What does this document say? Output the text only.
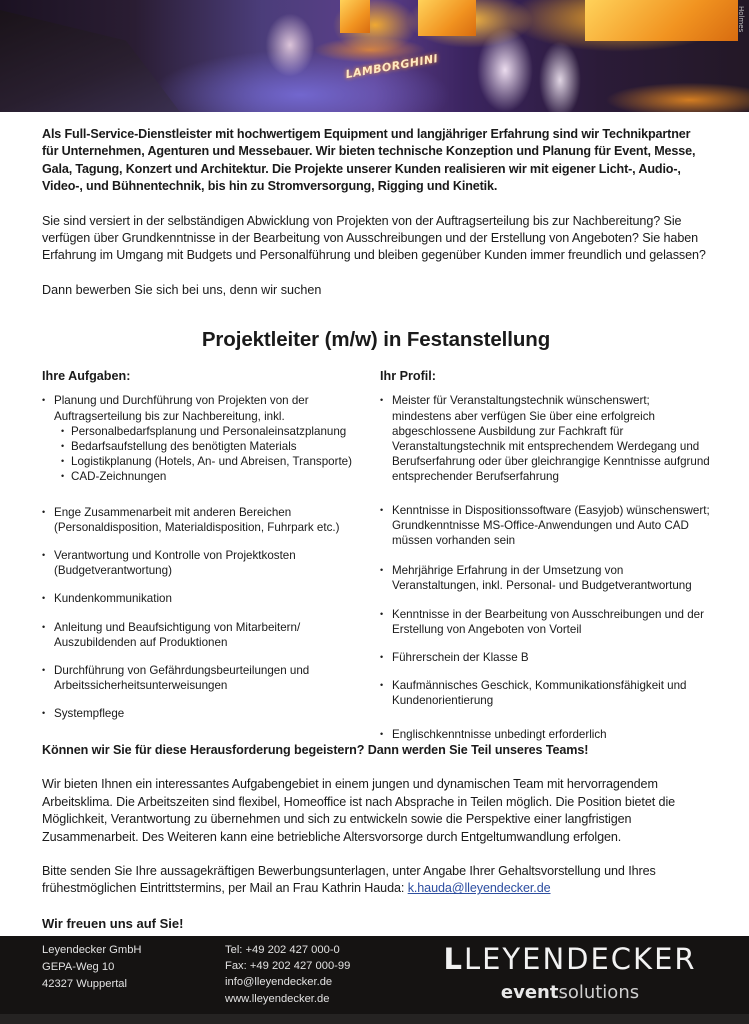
LAMBORGHINI
Holmes

Als Full-Service-Dienstleister mit hochwertigem Equipment und langjähriger Erfahrung sind wir Technikpartner für Unternehmen, Agenturen und Messebauer. Wir bieten technische Konzeption und Planung für Event, Messe, Gala, Tagung, Konzert und Architektur. Die Projekte unserer Kunden realisieren wir mit eigener Licht-, Audio-, Video-, und Bühnentechnik, bis hin zu Stromversorgung, Rigging und Kinetik.

Sie sind versiert in der selbständigen Abwicklung von Projekten von der Auftragserteilung bis zur Nachbereitung? Sie verfügen über Grundkenntnisse in der Bearbeitung von Ausschreibungen und der Erstellung von Angeboten? Sie haben Erfahrung im Umgang mit Budgets und Personalführung und bleiben gegenüber Kunden immer freundlich und gelassen?

Dann bewerben Sie sich bei uns, denn wir suchen

Projektleiter (m/w) in Festanstellung
Ihre Aufgaben:
• Planung und Durchführung von Projekten von der Auftragserteilung bis zur Nachbereitung, inkl.
• Personalbedarfsplanung und Personaleinsatzplanung
• Bedarfsaufstellung des benötigten Materials
• Logistikplanung (Hotels, An- und Abreisen, Transporte)
• CAD-Zeichnungen
• Enge Zusammenarbeit mit anderen Bereichen (Personaldisposition, Materialdisposition, Fuhrpark etc.)
• Verantwortung und Kontrolle von Projektkosten (Budgetverantwortung)
• Kundenkommunikation
• Anleitung und Beaufsichtigung von Mitarbeitern/ Auszubildenden auf Produktionen
• Durchführung von Gefährdungsbeurteilungen und Arbeitssicherheitsunterweisungen
• Systempflege
Ihr Profil:
• Meister für Veranstaltungstechnik wünschenswert; mindestens aber verfügen Sie über eine erfolgreich abgeschlossene Ausbildung zur Fachkraft für Veranstaltungstechnik mit entsprechendem Werdegang und Berufserfahrung oder über gleichrangige Kenntnisse aufgrund entsprechender Berufserfahrung
• Kenntnisse in Dispositionssoftware (Easyjob) wünschenswert; Grundkenntnisse MS-Office-Anwendungen und Auto CAD müssen vorhanden sein
• Mehrjährige Erfahrung in der Umsetzung von Veranstaltungen, inkl. Personal- und Budgetverantwortung
• Kenntnisse in der Bearbeitung von Ausschreibungen und der Erstellung von Angeboten von Vorteil
• Führerschein der Klasse B
• Kaufmännisches Geschick, Kommunikationsfähigkeit und Kundenorientierung
• Englischkenntnisse unbedingt erforderlich

Können wir Sie für diese Herausforderung begeistern? Dann werden Sie Teil unseres Teams!

Wir bieten Ihnen ein interessantes Aufgabengebiet in einem jungen und dynamischen Team mit hervorragendem Arbeitsklima. Die Arbeitszeiten sind flexibel, Homeoffice ist nach Absprache in Teilen möglich. Die Position bietet die Möglichkeit, Verantwortung zu übernehmen und sich zu entwickeln sowie die Perspektive einer langfristigen Zusammenarbeit. Des Weiteren kann eine betriebliche Altersvorsorge durch Entgeltumwandlung erfolgen.

Bitte senden Sie Ihre aussagekräftigen Bewerbungsunterlagen, unter Angabe Ihrer Gehaltsvorstellung und Ihres frühestmöglichen Eintrittstermins, per Mail an Frau Kathrin Hauda: k.hauda@lleyendecker.de

Wir freuen uns auf Sie!

Leyendecker GmbH
GEPA-Weg 10
42327 Wuppertal
Tel: +49 202 427 000-0
Fax: +49 202 427 000-99
info@lleyendecker.de
www.lleyendecker.de
LLEYENDECKER
eventsolutions
